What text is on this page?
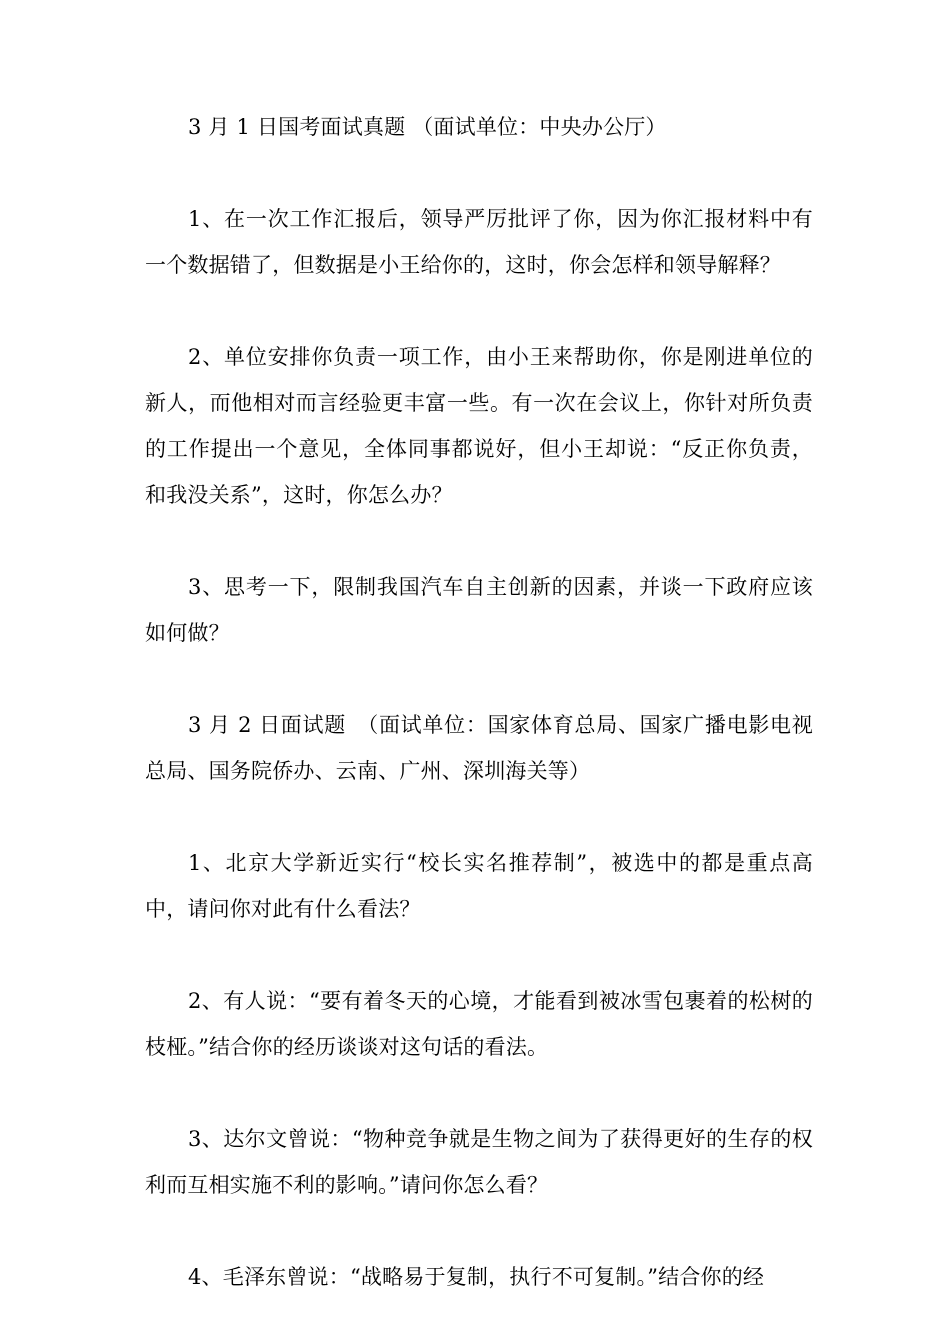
3 月 1 日国考面试真题 （面试单位：中央办公厅）

1、在一次工作汇报后，领导严厉批评了你，因为你汇报材料中有一个数据错了，但数据是小王给你的，这时，你会怎样和领导解释？

2、单位安排你负责一项工作，由小王来帮助你，你是刚进单位的新人，而他相对而言经验更丰富一些。有一次在会议上，你针对所负责的工作提出一个意见，全体同事都说好，但小王却说：“反正你负责，和我没关系”，这时，你怎么办？

3、思考一下，限制我国汽车自主创新的因素，并谈一下政府应该如何做？

3 月 2 日面试题　（面试单位：国家体育总局、国家广播电影电视总局、国务院侨办、云南、广州、深圳海关等）

1、北京大学新近实行“校长实名推荐制”，被选中的都是重点高中，请问你对此有什么看法？

2、有人说：“要有着冬天的心境，才能看到被冰雪包裹着的松树的枝桠。”结合你的经历谈谈对这句话的看法。

3、达尔文曾说：“物种竞争就是生物之间为了获得更好的生存的权利而互相实施不利的影响。”请问你怎么看？

4、毛泽东曾说：“战略易于复制，执行不可复制。”结合你的经
